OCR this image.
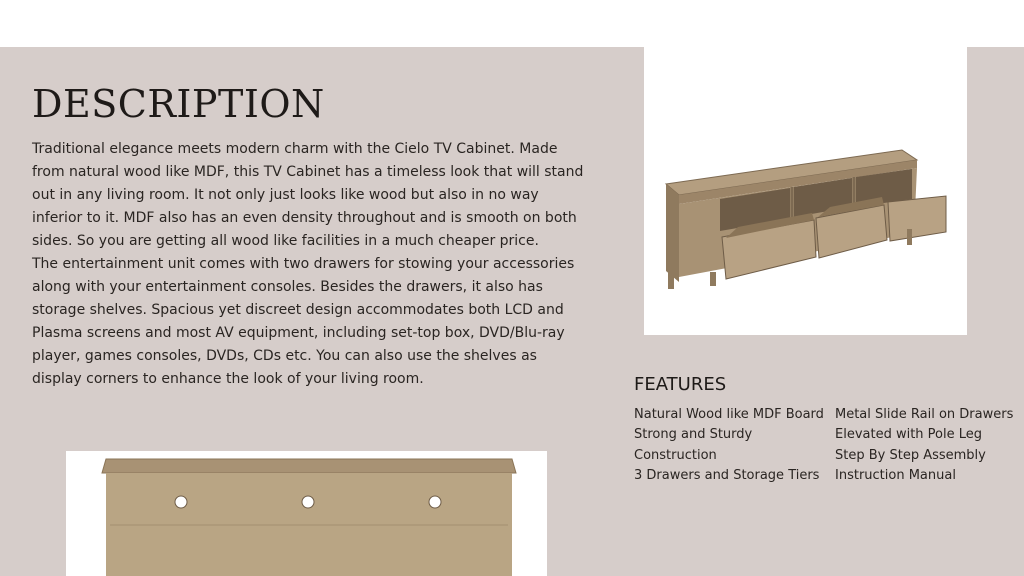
DESCRIPTION

Traditional elegance meets modern charm with the Cielo TV Cabinet. Made from natural wood like MDF, this TV Cabinet has a timeless look that will stand out in any living room. It not only just looks like wood but also in no way inferior to it. MDF also has an even density throughout and is smooth on both sides. So you are getting all wood like facilities in a much cheaper price.

The entertainment unit comes with two drawers for stowing your accessories along with your entertainment consoles. Besides the drawers, it also has storage shelves. Spacious yet discreet design accommodates both LCD and Plasma screens and most AV equipment, including set-top box, DVD/Blu-ray player, games consoles, DVDs, CDs etc. You can also use the shelves as display corners to enhance the look of your living room.	FEATURES
Natural Wood like MDF Board
Strong and Sturdy Construction
3 Drawers and Storage Tiers
Metal Slide Rail on Drawers
Elevated with Pole Leg
Step By Step Assembly Instruction Manual
